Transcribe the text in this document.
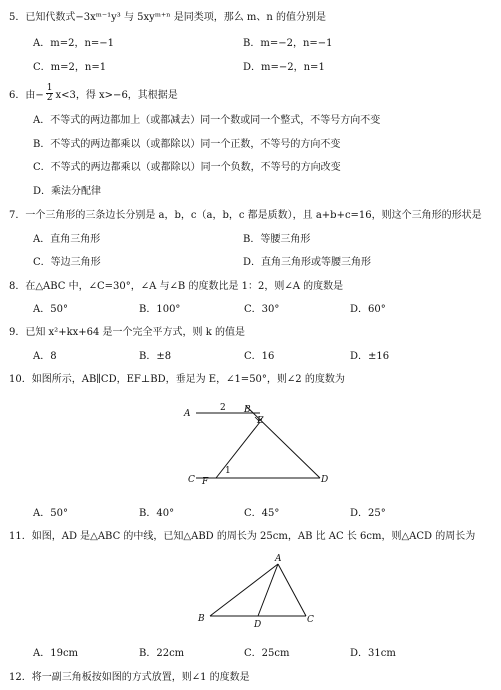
5．已知代数式−3xᵐ⁻¹y³ 与 5xyᵐ⁺ⁿ 是同类项，那么 m、n 的值分别是
A．m=2，n=−1	B．m=−2，n=−1
C．m=2，n=1	D．m=−2，n=1
6．由− $\frac{1}{2} x<3$，得 x>−6，其根据是
A．不等式的两边都加上（或都减去）同一个数或同一个整式，不等号方向不变
B．不等式的两边都乘以（或都除以）同一个正数，不等号的方向不变
C．不等式的两边都乘以（或都除以）同一个负数，不等号的方向改变
D．乘法分配律
7．一个三角形的三条边长分别是 a，b，c（a，b，c 都是质数），且 a+b+c=16，则这个三角形的形状是
A．直角三角形	B．等腰三角形
C．等边三角形	D．直角三角形或等腰三角形
8．在△ABC 中，∠C=30°，∠A 与∠B 的度数比是 1：2，则∠A 的度数是
A．50°	B．100°	C．30°	D．60°
9．已知 x²+kx+64 是一个完全平方式，则 k 的值是
A．8	B．±8	C．16	D．±16
10．如图所示，AB∥CD，EF⊥BD，垂足为 E，∠1=50°，则∠2 的度数为
A
2 B
E
1
C F	D
A．50°	B．40°	C．45°	D．25°
11．如图，AD 是△ABC 的中线，已知△ABD 的周长为 25cm，AB 比 AC 长 6cm，则△ACD 的周长为
A
B
D	C
A．19cm	B．22cm	C．25cm	D．31cm
12．将一副三角板按如图的方式放置，则∠1 的度数是
